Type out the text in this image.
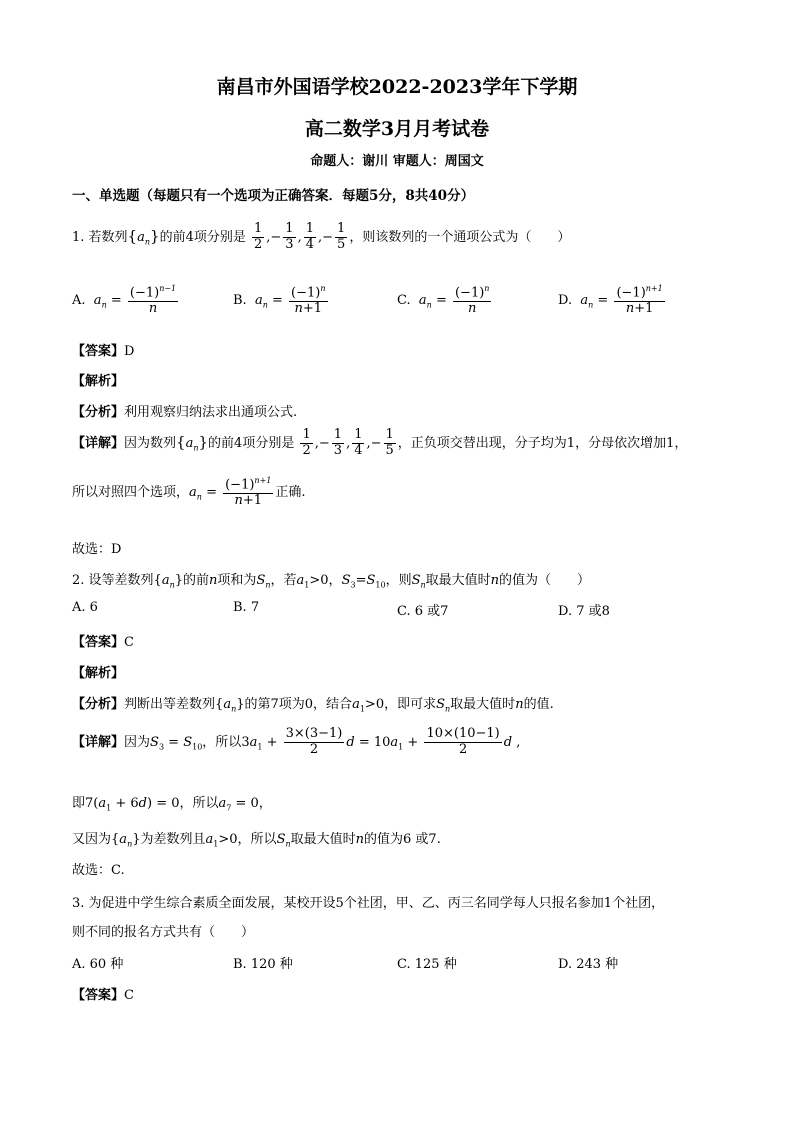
南昌市外国语学校2022-2023学年下学期
高二数学3月月考试卷
命题人：谢川 审题人：周国文
一、单选题（每题只有一个选项为正确答案．每题5分，8共40分）
1. 若数列$\{a_n\}$的前4项分别是 $\frac{1}{2}$ ,− $\frac{1}{3}$ , $\frac{1}{4}$ ,− $\frac{1}{5}$ ，则该数列的一个通项公式为（　　）
A. $a_n = \frac{(-1)^{n-1}}{n}$	B. $a_n = \frac{(-1)^n}{n+1}$	C. $a_n = \frac{(-1)^n}{n}$	D. $a_n = \frac{(-1)^{n+1}}{n+1}$
【答案】D
【解析】
【分析】利用观察归纳法求出通项公式.
【详解】因为数列$\{a_n\}$的前4项分别是 $\frac{1}{2}$ ,− $\frac{1}{3}$ , $\frac{1}{4}$ ,− $\frac{1}{5}$ ，正负项交替出现，分子均为1，分母依次增加1，
所以对照四个选项，$a_n = \frac{(-1)^{n+1}}{n+1}$ 正确.
故选：D
2. 设等差数列$\{a_n\}$的前n项和为$S_n$，若$a_1>0$，$S_3=S_{10}$，则$S_n$取最大值时n的值为（　　）
A. 6	B. 7	C. 6 或7	D. 7 或8
【答案】C
【解析】
【分析】判断出等差数列$\{a_n\}$的第7项为0，结合$a_1>0$，即可求$S_n$取最大值时n的值.
【详解】因为$S_3 = S_{10}$，所以$3a_1 + \frac{3\times(3-1)}{2}$ $d = 10a_1 + \frac{10\times(10-1)}{2}$ d ,
即$7(a_1 + 6d) = 0$，所以$a_7 = 0$，
又因为$\{a_n\}$为差数列且$a_1>0$，所以$S_n$取最大值时n的值为6 或7.
故选：C.
3. 为促进中学生综合素质全面发展，某校开设5个社团，甲、乙、丙三名同学每人只报名参加1个社团，
则不同的报名方式共有（　　）
A. 60 种	B. 120 种	C. 125 种	D. 243 种
【答案】C
